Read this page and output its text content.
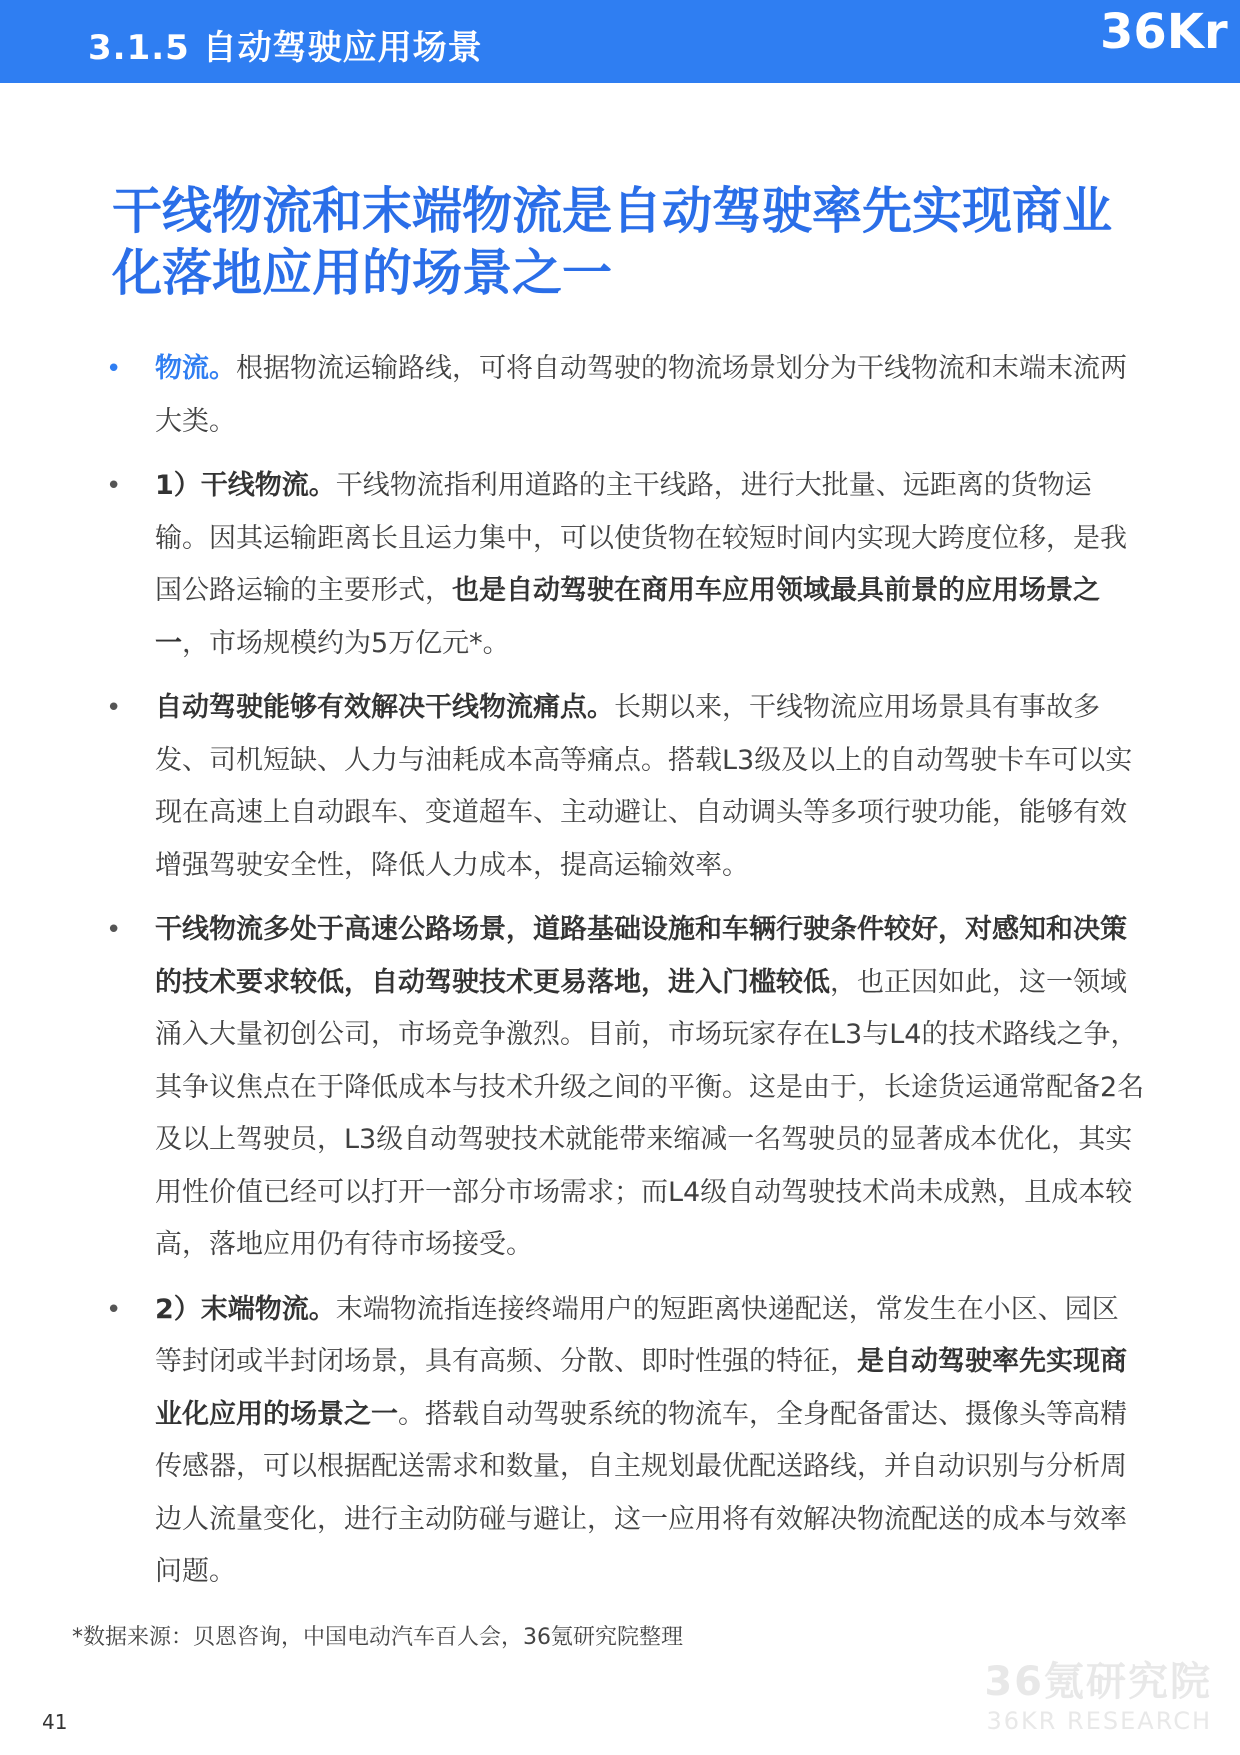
3.1.5 自动驾驶应用场景	36Kr
干线物流和末端物流是自动驾驶率先实现商业
化落地应用的场景之一
• 物流。根据物流运输路线，可将自动驾驶的物流场景划分为干线物流和末端末流两大类。
• 1）干线物流。干线物流指利用道路的主干线路，进行大批量、远距离的货物运输。因其运输距离长且运力集中，可以使货物在较短时间内实现大跨度位移，是我国公路运输的主要形式，也是自动驾驶在商用车应用领域最具前景的应用场景之一，市场规模约为5万亿元*。
• 自动驾驶能够有效解决干线物流痛点。长期以来，干线物流应用场景具有事故多发、司机短缺、人力与油耗成本高等痛点。搭载L3级及以上的自动驾驶卡车可以实现在高速上自动跟车、变道超车、主动避让、自动调头等多项行驶功能，能够有效增强驾驶安全性，降低人力成本，提高运输效率。
• 干线物流多处于高速公路场景，道路基础设施和车辆行驶条件较好，对感知和决策的技术要求较低，自动驾驶技术更易落地，进入门槛较低，也正因如此，这一领域涌入大量初创公司，市场竞争激烈。目前，市场玩家存在L3与L4的技术路线之争，其争议焦点在于降低成本与技术升级之间的平衡。这是由于，长途货运通常配备2名及以上驾驶员，L3级自动驾驶技术就能带来缩减一名驾驶员的显著成本优化，其实用性价值已经可以打开一部分市场需求；而L4级自动驾驶技术尚未成熟，且成本较高，落地应用仍有待市场接受。
• 2）末端物流。末端物流指连接终端用户的短距离快递配送，常发生在小区、园区等封闭或半封闭场景，具有高频、分散、即时性强的特征，是自动驾驶率先实现商业化应用的场景之一。搭载自动驾驶系统的物流车，全身配备雷达、摄像头等高精传感器，可以根据配送需求和数量，自主规划最优配送路线，并自动识别与分析周边人流量变化，进行主动防碰与避让，这一应用将有效解决物流配送的成本与效率问题。
*数据来源：贝恩咨询，中国电动汽车百人会，36氪研究院整理
36氪研究院
36KR RESEARCH
41
